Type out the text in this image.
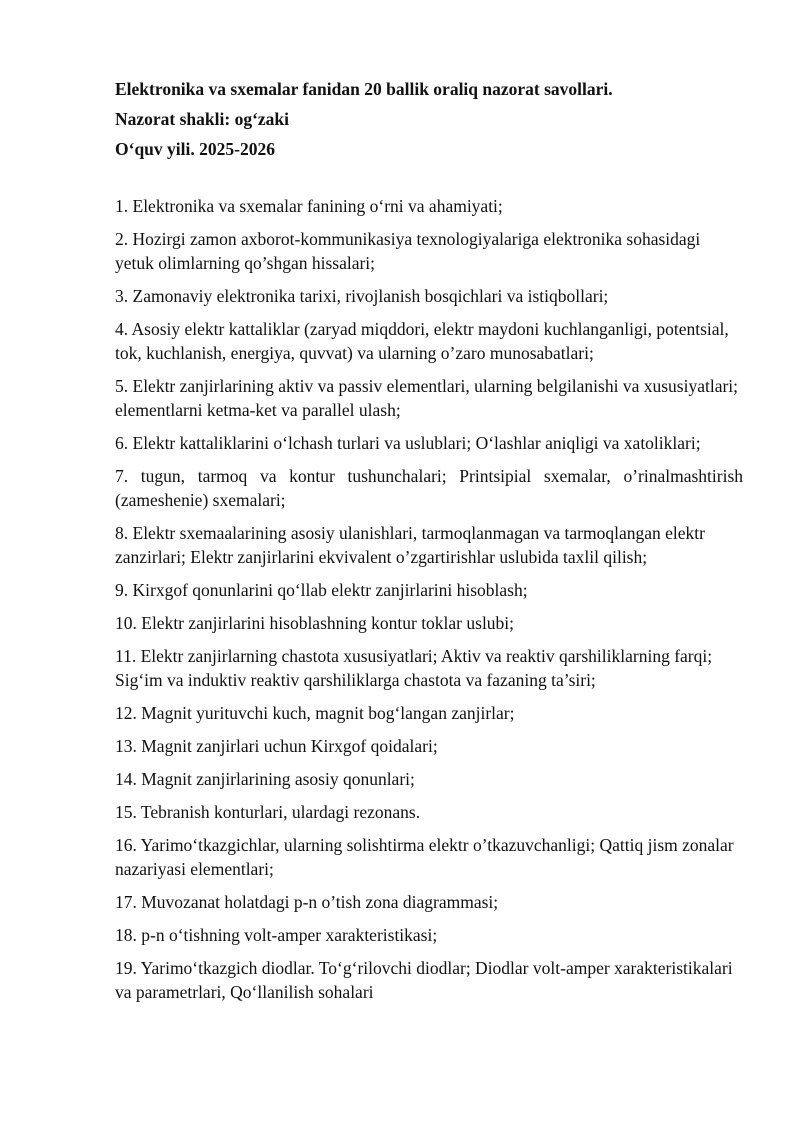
Elektronika va sxemalar fanidan 20 ballik oraliq nazorat savollari.

Nazorat shakli: og‘zaki

O‘quv yili. 2025-2026

1. Elektronika va sxemalar fanining o‘rni va ahamiyati;
2. Hozirgi zamon axborot-kommunikasiya texnologiyalariga elektronika sohasidagi yetuk olimlarning qo’shgan hissalari;
3. Zamonaviy elektronika tarixi, rivojlanish bosqichlari va istiqbollari;
4. Asosiy elektr kattaliklar (zaryad miqddori, elektr maydoni kuchlanganligi, potentsial, tok, kuchlanish, energiya, quvvat) va ularning o’zaro munosabatlari;
5. Elektr zanjirlarining aktiv va passiv elementlari, ularning belgilanishi va xususiyatlari; elementlarni ketma-ket va parallel ulash;
6. Elektr kattaliklarini o‘lchash turlari va uslublari; O‘lashlar aniqligi va xatoliklari;
7. tugun, tarmoq va kontur tushunchalari; Printsipial sxemalar, o’rinalmashtirish (zameshenie) sxemalari;
8. Elektr sxemaalarining asosiy ulanishlari, tarmoqlanmagan va tarmoqlangan elektr zanzirlari; Elektr zanjirlarini ekvivalent o’zgartirishlar uslubida taxlil qilish;
9. Kirxgof qonunlarini qo‘llab elektr zanjirlarini hisoblash;
10. Elektr zanjirlarini hisoblashning kontur toklar uslubi;
11. Elektr zanjirlarning chastota xususiyatlari; Aktiv va reaktiv qarshiliklarning farqi; Sig‘im va induktiv reaktiv qarshiliklarga chastota va fazaning ta’siri;
12. Magnit yurituvchi kuch, magnit bog‘langan zanjirlar;
13. Magnit zanjirlari uchun Kirxgof qoidalari;
14. Magnit zanjirlarining asosiy qonunlari;
15. Tebranish konturlari, ulardagi rezonans.
16. Yarimo‘tkazgichlar, ularning solishtirma elektr o’tkazuvchanligi; Qattiq jism zonalar nazariyasi elementlari;
17. Muvozanat holatdagi p-n o’tish zona diagrammasi;
18. p-n o‘tishning volt-amper xarakteristikasi;
19. Yarimo‘tkazgich diodlar. To‘g‘rilovchi diodlar; Diodlar volt-amper xarakteristikalari va parametrlari, Qo‘llanilish sohalari
